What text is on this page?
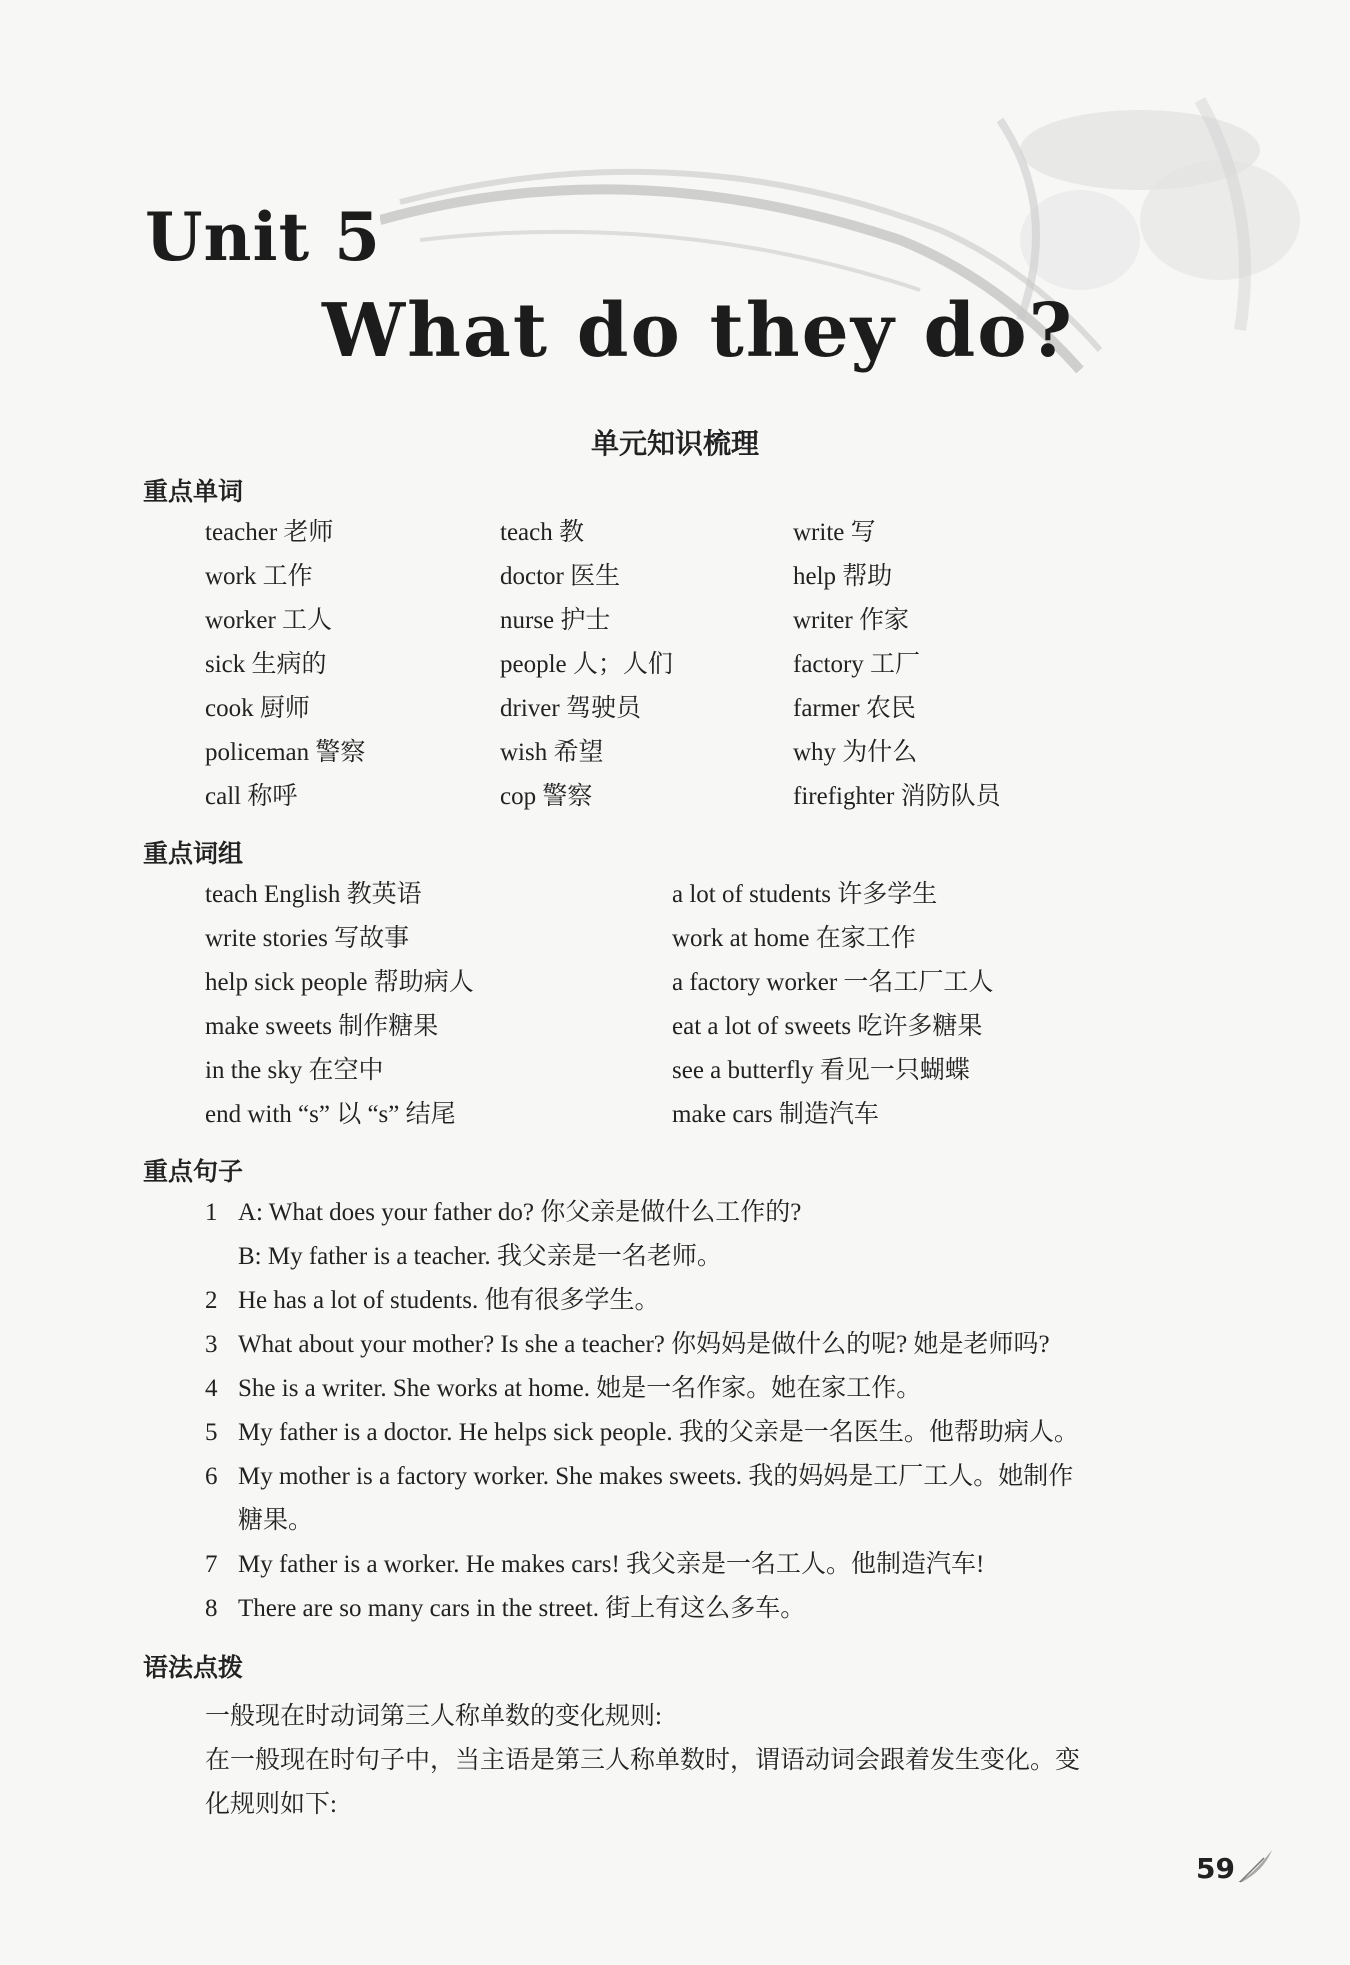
Unit 5
What do they do?
单元知识梳理
重点单词
teacher 老师
work 工作
worker 工人
sick 生病的
cook 厨师
policeman 警察
call 称呼
teach 教
doctor 医生
nurse 护士
people 人；人们
driver 驾驶员
wish 希望
cop 警察
write 写
help 帮助
writer 作家
factory 工厂
farmer 农民
why 为什么
firefighter 消防队员
重点词组
teach English 教英语
write stories 写故事
help sick people 帮助病人
make sweets 制作糖果
in the sky 在空中
end with “s” 以 “s” 结尾
a lot of students 许多学生
work at home 在家工作
a factory worker 一名工厂工人
eat a lot of sweets 吃许多糖果
see a butterfly 看见一只蝴蝶
make cars 制造汽车
重点句子
1 A: What does your father do? 你父亲是做什么工作的?
B: My father is a teacher. 我父亲是一名老师。
2 He has a lot of students. 他有很多学生。
3 What about your mother? Is she a teacher? 你妈妈是做什么的呢? 她是老师吗?
4 She is a writer. She works at home. 她是一名作家。她在家工作。
5 My father is a doctor. He helps sick people. 我的父亲是一名医生。他帮助病人。
6 My mother is a factory worker. She makes sweets. 我的妈妈是工厂工人。她制作
糖果。
7 My father is a worker. He makes cars! 我父亲是一名工人。他制造汽车!
8 There are so many cars in the street. 街上有这么多车。
语法点拨

一般现在时动词第三人称单数的变化规则:

在一般现在时句子中，当主语是第三人称单数时，谓语动词会跟着发生变化。变

化规则如下:

59
